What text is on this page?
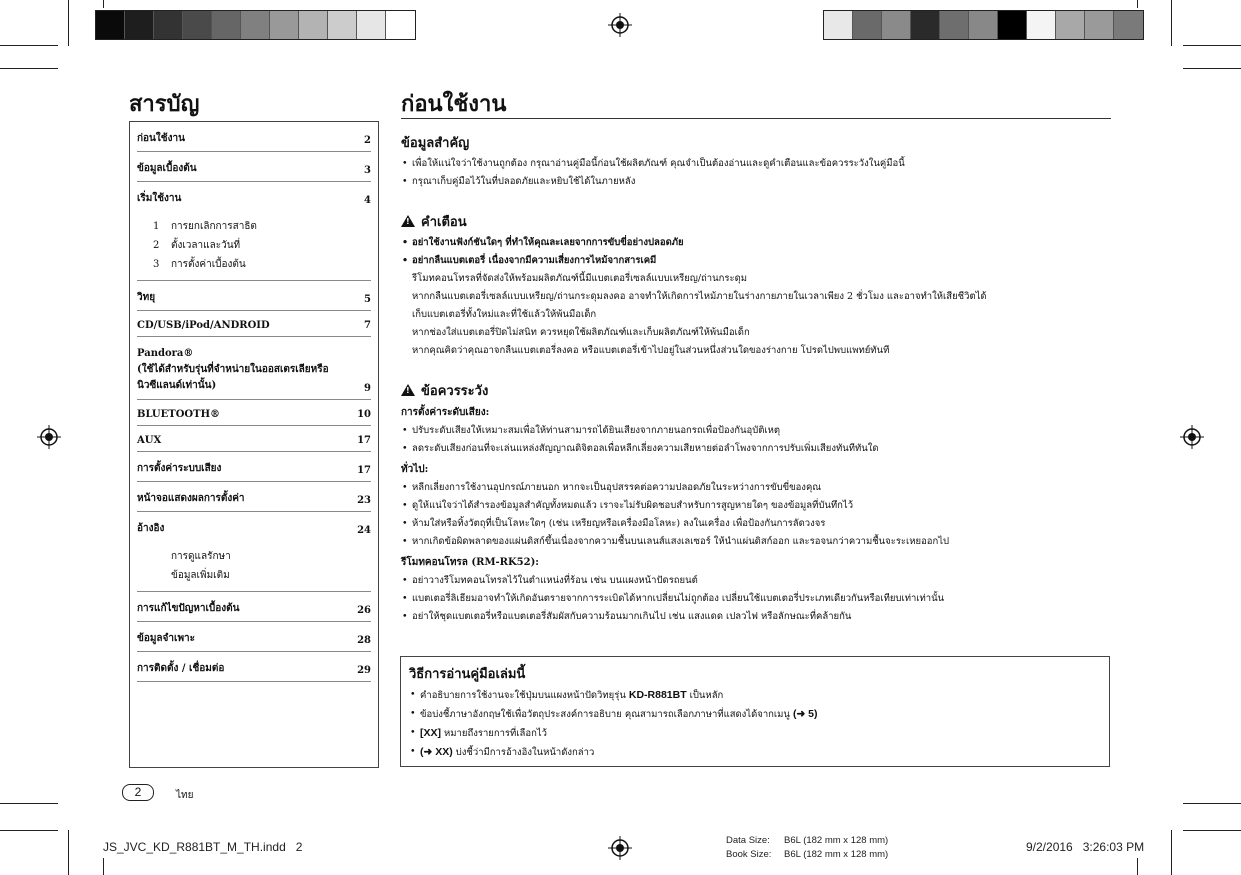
สารบัญ	ก่อนใช้งาน
ก่อนใช้งาน	2
ข้อมูลเบื้องต้น	3
เริ่มใช้งาน	4
1 การยกเลิกการสาธิต
2 ตั้งเวลาและวันที่
3 การตั้งค่าเบื้องต้น
วิทยุ	5
CD/USB/iPod/ANDROID	7
Pandora®
(ใช้ได้สำหรับรุ่นที่จำหน่ายในออสเตรเลียหรือ
นิวซีแลนด์เท่านั้น)	9
BLUETOOTH®	10
AUX	17
การตั้งค่าระบบเสียง	17
หน้าจอแสดงผลการตั้งค่า	23
อ้างอิง	24
การดูแลรักษา
ข้อมูลเพิ่มเติม
การแก้ไขปัญหาเบื้องต้น	26
ข้อมูลจำเพาะ	28
การติดตั้ง / เชื่อมต่อ	29
ข้อมูลสำคัญ
• เพื่อให้แน่ใจว่าใช้งานถูกต้อง กรุณาอ่านคู่มือนี้ก่อนใช้ผลิตภัณฑ์ คุณจำเป็นต้องอ่านและดูคำเตือนและข้อควรระวังในคู่มือนี้
• กรุณาเก็บคู่มือไว้ในที่ปลอดภัยและหยิบใช้ได้ในภายหลัง
!คำเตือน
• อย่าใช้งานฟังก์ชันใดๆ ที่ทำให้คุณละเลยจากการขับขี่อย่างปลอดภัย
• อย่ากลืนแบตเตอรี่ เนื่องจากมีความเสี่ยงการไหม้จากสารเคมี
รีโมทคอนโทรลที่จัดส่งให้พร้อมผลิตภัณฑ์นี้มีแบตเตอรี่เซลล์แบบเหรียญ/ถ่านกระดุม
หากกลืนแบตเตอรี่เซลล์แบบเหรียญ/ถ่านกระดุมลงคอ อาจทำให้เกิดการไหม้ภายในร่างกายภายในเวลาเพียง 2 ชั่วโมง และอาจทำให้เสียชีวิตได้
เก็บแบตเตอรี่ทั้งใหม่และที่ใช้แล้วให้พ้นมือเด็ก
หากช่องใส่แบตเตอรี่ปิดไม่สนิท ควรหยุดใช้ผลิตภัณฑ์และเก็บผลิตภัณฑ์ให้พ้นมือเด็ก
หากคุณคิดว่าคุณอาจกลืนแบตเตอรี่ลงคอ หรือแบตเตอรี่เข้าไปอยู่ในส่วนหนึ่งส่วนใดของร่างกาย โปรดไปพบแพทย์ทันที
!ข้อควรระวัง
การตั้งค่าระดับเสียง:
• ปรับระดับเสียงให้เหมาะสมเพื่อให้ท่านสามารถได้ยินเสียงจากภายนอกรถเพื่อป้องกันอุบัติเหตุ
• ลดระดับเสียงก่อนที่จะเล่นแหล่งสัญญาณดิจิตอลเพื่อหลีกเลี่ยงความเสียหายต่อลำโพงจากการปรับเพิ่มเสียงทันทีทันใด
ทั่วไป:
• หลีกเลี่ยงการใช้งานอุปกรณ์ภายนอก หากจะเป็นอุปสรรคต่อความปลอดภัยในระหว่างการขับขี่ของคุณ
• ดูให้แน่ใจว่าได้สำรองข้อมูลสำคัญทั้งหมดแล้ว เราจะไม่รับผิดชอบสำหรับการสูญหายใดๆ ของข้อมูลที่บันทึกไว้
• ห้ามใส่หรือทิ้งวัตถุที่เป็นโลหะใดๆ (เช่น เหรียญหรือเครื่องมือโลหะ) ลงในเครื่อง เพื่อป้องกันการลัดวงจร
• หากเกิดข้อผิดพลาดของแผ่นดิสก์ขึ้นเนื่องจากความชื้นบนเลนส์แสงเลเซอร์ ให้นำแผ่นดิสก์ออก และรอจนกว่าความชื้นจะระเหยออกไป
รีโมทคอนโทรล (RM-RK52):
• อย่าวางรีโมทคอนโทรลไว้ในตำแหน่งที่ร้อน เช่น บนแผงหน้าปัดรถยนต์
• แบตเตอรี่ลิเธียมอาจทำให้เกิดอันตรายจากการระเบิดได้หากเปลี่ยนไม่ถูกต้อง เปลี่ยนใช้แบตเตอรี่ประเภทเดียวกันหรือเทียบเท่าเท่านั้น
• อย่าให้ชุดแบตเตอรี่หรือแบตเตอรี่สัมผัสกับความร้อนมากเกินไป เช่น แสงแดด เปลวไฟ หรือลักษณะที่คล้ายกัน
วิธีการอ่านคู่มือเล่มนี้
• คำอธิบายการใช้งานจะใช้ปุ่มบนแผงหน้าปัดวิทยุรุ่น KD-R881BT เป็นหลัก
• ข้อบ่งชี้ภาษาอังกฤษใช้เพื่อวัตถุประสงค์การอธิบาย คุณสามารถเลือกภาษาที่แสดงได้จากเมนู (➜ 5)
• [XX] หมายถึงรายการที่เลือกไว้
• (➜ XX) บ่งชี้ว่ามีการอ้างอิงในหน้าดังกล่าว
2	ไทย
JS_JVC_KD_R881BT_M_TH.indd   2	Data Size: B6L (182 mm x 128 mm)
Book Size: B6L (182 mm x 128 mm)
9/2/2016   3:26:03 PM
